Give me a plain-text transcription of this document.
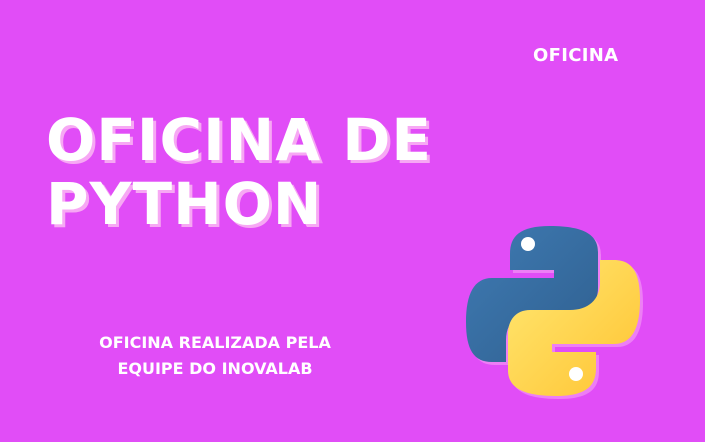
OFICINA
OFICINA DE
PYTHON
OFICINA REALIZADA PELA
EQUIPE DO INOVALAB
